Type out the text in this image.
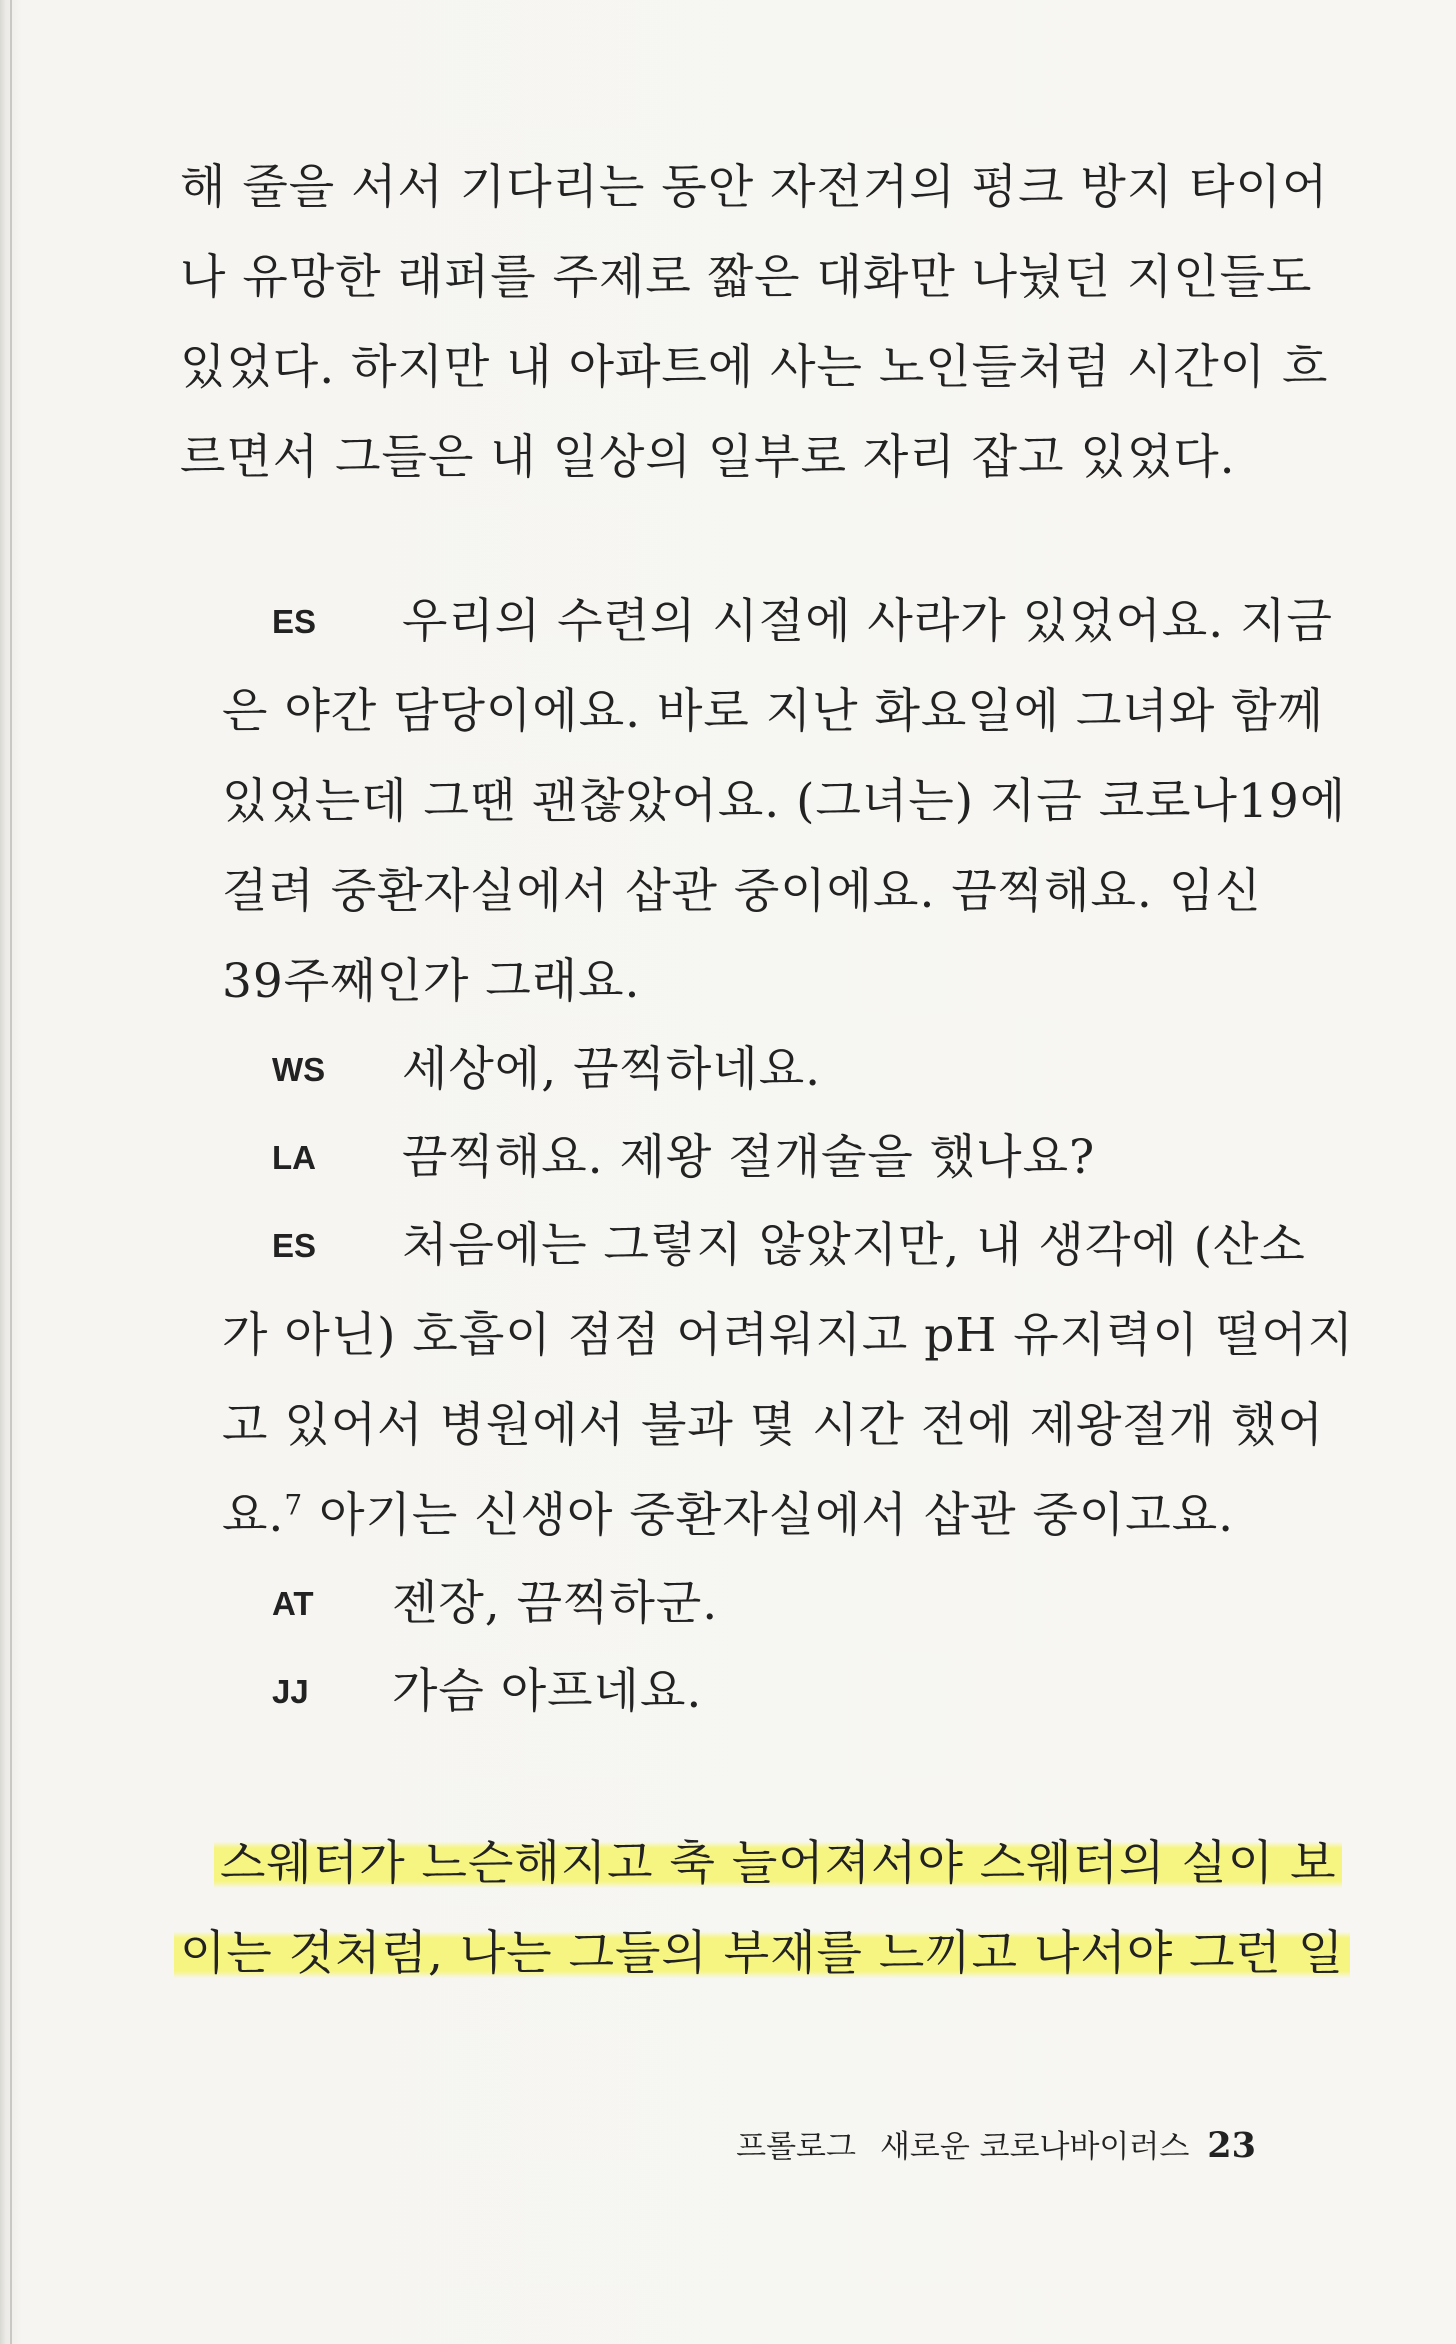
해 줄을 서서 기다리는 동안 자전거의 펑크 방지 타이어
나 유망한 래퍼를 주제로 짧은 대화만 나눴던 지인들도
있었다. 하지만 내 아파트에 사는 노인들처럼 시간이 흐
르면서 그들은 내 일상의 일부로 자리 잡고 있었다.
ES 우리의 수련의 시절에 사라가 있었어요. 지금
은 야간 담당이에요. 바로 지난 화요일에 그녀와 함께
있었는데 그땐 괜찮았어요. (그녀는) 지금 코로나19에
걸려 중환자실에서 삽관 중이에요. 끔찍해요. 임신
39주째인가 그래요.
WS 세상에, 끔찍하네요.
LA 끔찍해요. 제왕 절개술을 했나요?
ES 처음에는 그렇지 않았지만, 내 생각에 (산소
가 아닌) 호흡이 점점 어려워지고 pH 유지력이 떨어지
고 있어서 병원에서 불과 몇 시간 전에 제왕절개 했어
요.$^7$ 아기는 신생아 중환자실에서 삽관 중이고요.
AT 젠장, 끔찍하군.
JJ 가슴 아프네요.
스웨터가 느슨해지고 축 늘어져서야 스웨터의 실이 보
이는 것처럼, 나는 그들의 부재를 느끼고 나서야 그런 일
프롤로그 새로운 코로나바이러스 23
